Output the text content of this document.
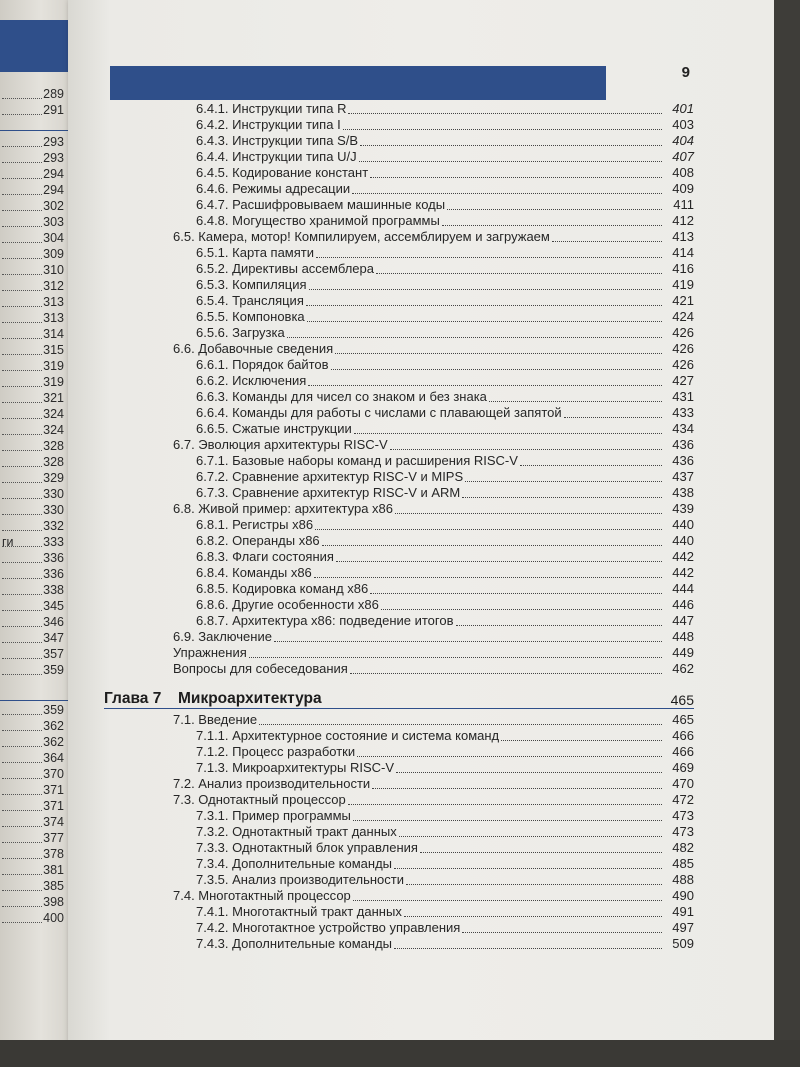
289
291
293
293
294
294
302
303
304
309
310
312
313
313
314
315
319
319
321
324
324
328
328
329
330
330
332
333
336
336
338
345
346
347
357
359
359
362
362
364
370
371
371
374
377
378
381
385
398
400
ги
9
6.4.1. Инструкции типа R	401
6.4.2. Инструкции типа I	403
6.4.3. Инструкции типа S/B	404
6.4.4. Инструкции типа U/J	407
6.4.5. Кодирование констант	408
6.4.6. Режимы адресации	409
6.4.7. Расшифровываем машинные коды	411
6.4.8. Могущество хранимой программы	412
6.5. Камера, мотор! Компилируем, ассемблируем и загружаем	413
6.5.1. Карта памяти	414
6.5.2. Директивы ассемблера	416
6.5.3. Компиляция	419
6.5.4. Трансляция	421
6.5.5. Компоновка	424
6.5.6. Загрузка	426
6.6. Добавочные сведения	426
6.6.1. Порядок байтов	426
6.6.2. Исключения	427
6.6.3. Команды для чисел со знаком и без знака	431
6.6.4. Команды для работы с числами с плавающей запятой	433
6.6.5. Сжатые инструкции	434
6.7. Эволюция архитектуры RISC-V	436
6.7.1. Базовые наборы команд и расширения RISC-V	436
6.7.2. Сравнение архитектур RISC-V и MIPS	437
6.7.3. Сравнение архитектур RISC-V и ARM	438
6.8. Живой пример: архитектура x86	439
6.8.1. Регистры x86	440
6.8.2. Операнды x86	440
6.8.3. Флаги состояния	442
6.8.4. Команды x86	442
6.8.5. Кодировка команд x86	444
6.8.6. Другие особенности x86	446
6.8.7. Архитектура x86: подведение итогов	447
6.9. Заключение	448
Упражнения	449
Вопросы для собеседования	462
Глава 7	Микроархитектура	465
7.1. Введение	465
7.1.1. Архитектурное состояние и система команд	466
7.1.2. Процесс разработки	466
7.1.3. Микроархитектуры RISC-V	469
7.2. Анализ производительности	470
7.3. Однотактный процессор	472
7.3.1. Пример программы	473
7.3.2. Однотактный тракт данных	473
7.3.3. Однотактный блок управления	482
7.3.4. Дополнительные команды	485
7.3.5. Анализ производительности	488
7.4. Многотактный процессор	490
7.4.1. Многотактный тракт данных	491
7.4.2. Многотактное устройство управления	497
7.4.3. Дополнительные команды	509
